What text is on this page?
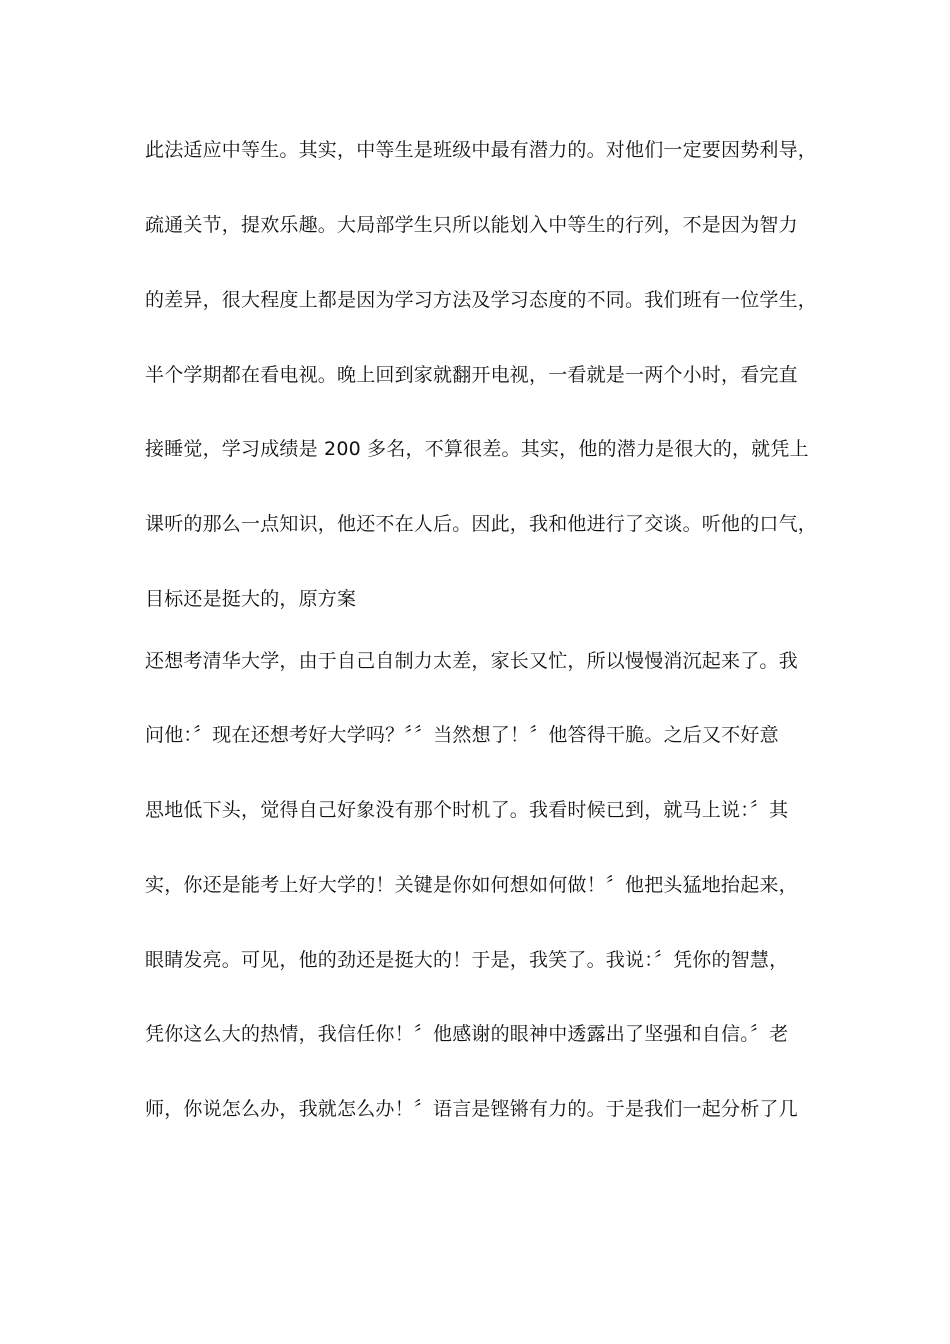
此法适应中等生。其实，中等生是班级中最有潜力的。对他们一定要因势利导，
疏通关节，提欢乐趣。大局部学生只所以能划入中等生的行列，不是因为智力
的差异，很大程度上都是因为学习方法及学习态度的不同。我们班有一位学生，
半个学期都在看电视。晚上回到家就翻开电视，一看就是一两个小时，看完直
接睡觉，学习成绩是 200 多名，不算很差。其实，他的潜力是很大的，就凭上
课听的那么一点知识，他还不在人后。因此，我和他进行了交谈。听他的口气，
目标还是挺大的，原方案
还想考清华大学，由于自己自制力太差，家长又忙，所以慢慢消沉起来了。我
问他：〞现在还想考好大学吗？〞〞当然想了！〞他答得干脆。之后又不好意
思地低下头，觉得自己好象没有那个时机了。我看时候已到，就马上说：〞其
实，你还是能考上好大学的！关键是你如何想如何做！〞他把头猛地抬起来，
眼睛发亮。可见，他的劲还是挺大的！于是，我笑了。我说：〞凭你的智慧，
凭你这么大的热情，我信任你！〞他感谢的眼神中透露出了坚强和自信。〞老
师，你说怎么办，我就怎么办！〞语言是铿锵有力的。于是我们一起分析了几
